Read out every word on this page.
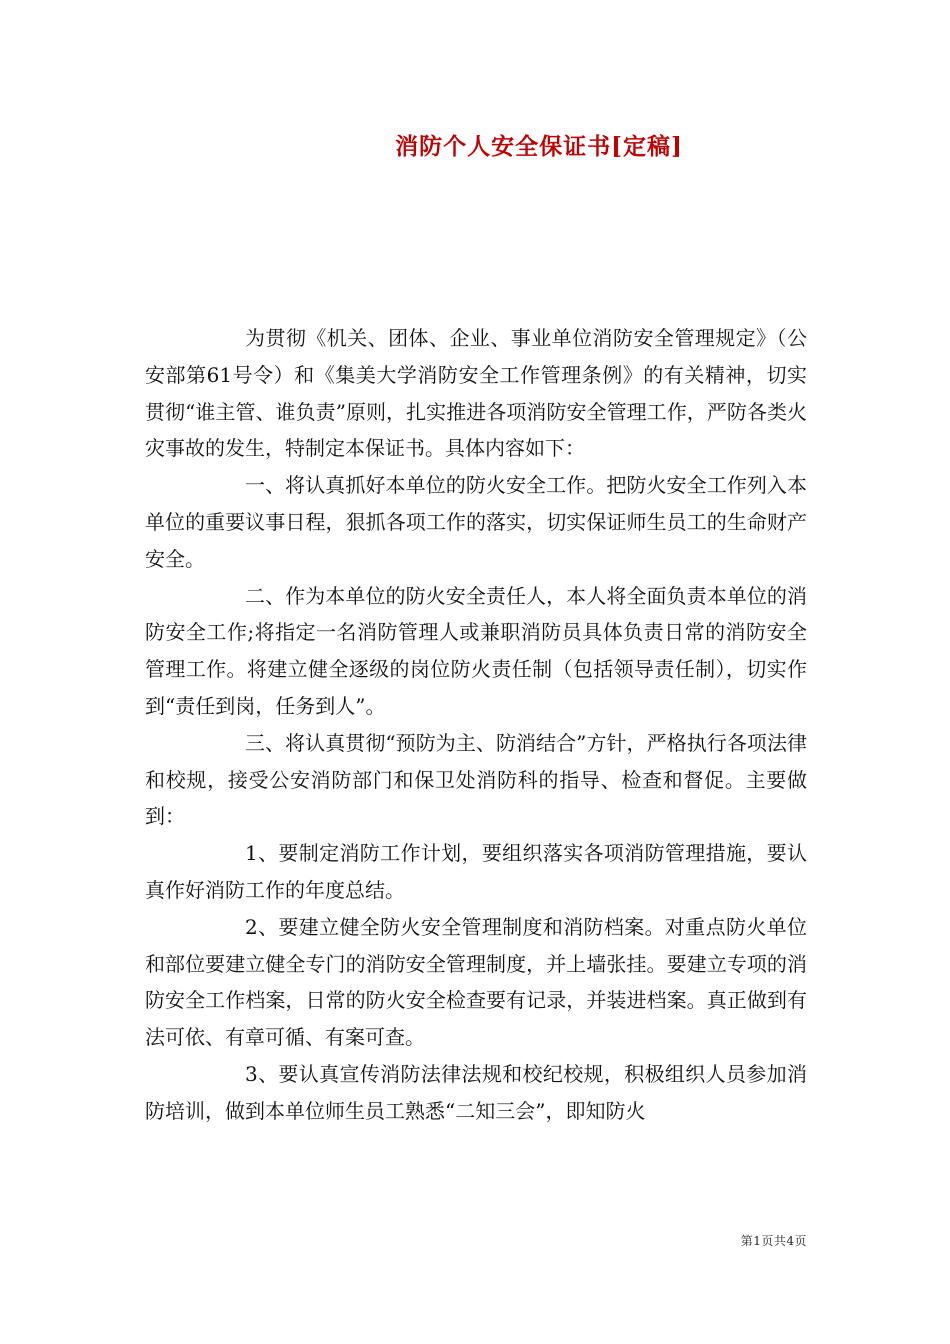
消防个人安全保证书[定稿]

为贯彻《机关、团体、企业、事业单位消防安全管理规定》（公安部第61号令）和《集美大学消防安全工作管理条例》的有关精神，切实贯彻“谁主管、谁负责”原则，扎实推进各项消防安全管理工作，严防各类火灾事故的发生，特制定本保证书。具体内容如下：

一、将认真抓好本单位的防火安全工作。把防火安全工作列入本单位的重要议事日程，狠抓各项工作的落实，切实保证师生员工的生命财产安全。

二、作为本单位的防火安全责任人，本人将全面负责本单位的消防安全工作;将指定一名消防管理人或兼职消防员具体负责日常的消防安全管理工作。将建立健全逐级的岗位防火责任制（包括领导责任制），切实作到“责任到岗，任务到人”。

三、将认真贯彻“预防为主、防消结合”方针，严格执行各项法律和校规，接受公安消防部门和保卫处消防科的指导、检查和督促。主要做到：

1、要制定消防工作计划，要组织落实各项消防管理措施，要认真作好消防工作的年度总结。

2、要建立健全防火安全管理制度和消防档案。对重点防火单位和部位要建立健全专门的消防安全管理制度，并上墙张挂。要建立专项的消防安全工作档案，日常的防火安全检查要有记录，并装进档案。真正做到有法可依、有章可循、有案可查。

3、要认真宣传消防法律法规和校纪校规，积极组织人员参加消防培训，做到本单位师生员工熟悉“二知三会”，即知防火

第1页共4页
